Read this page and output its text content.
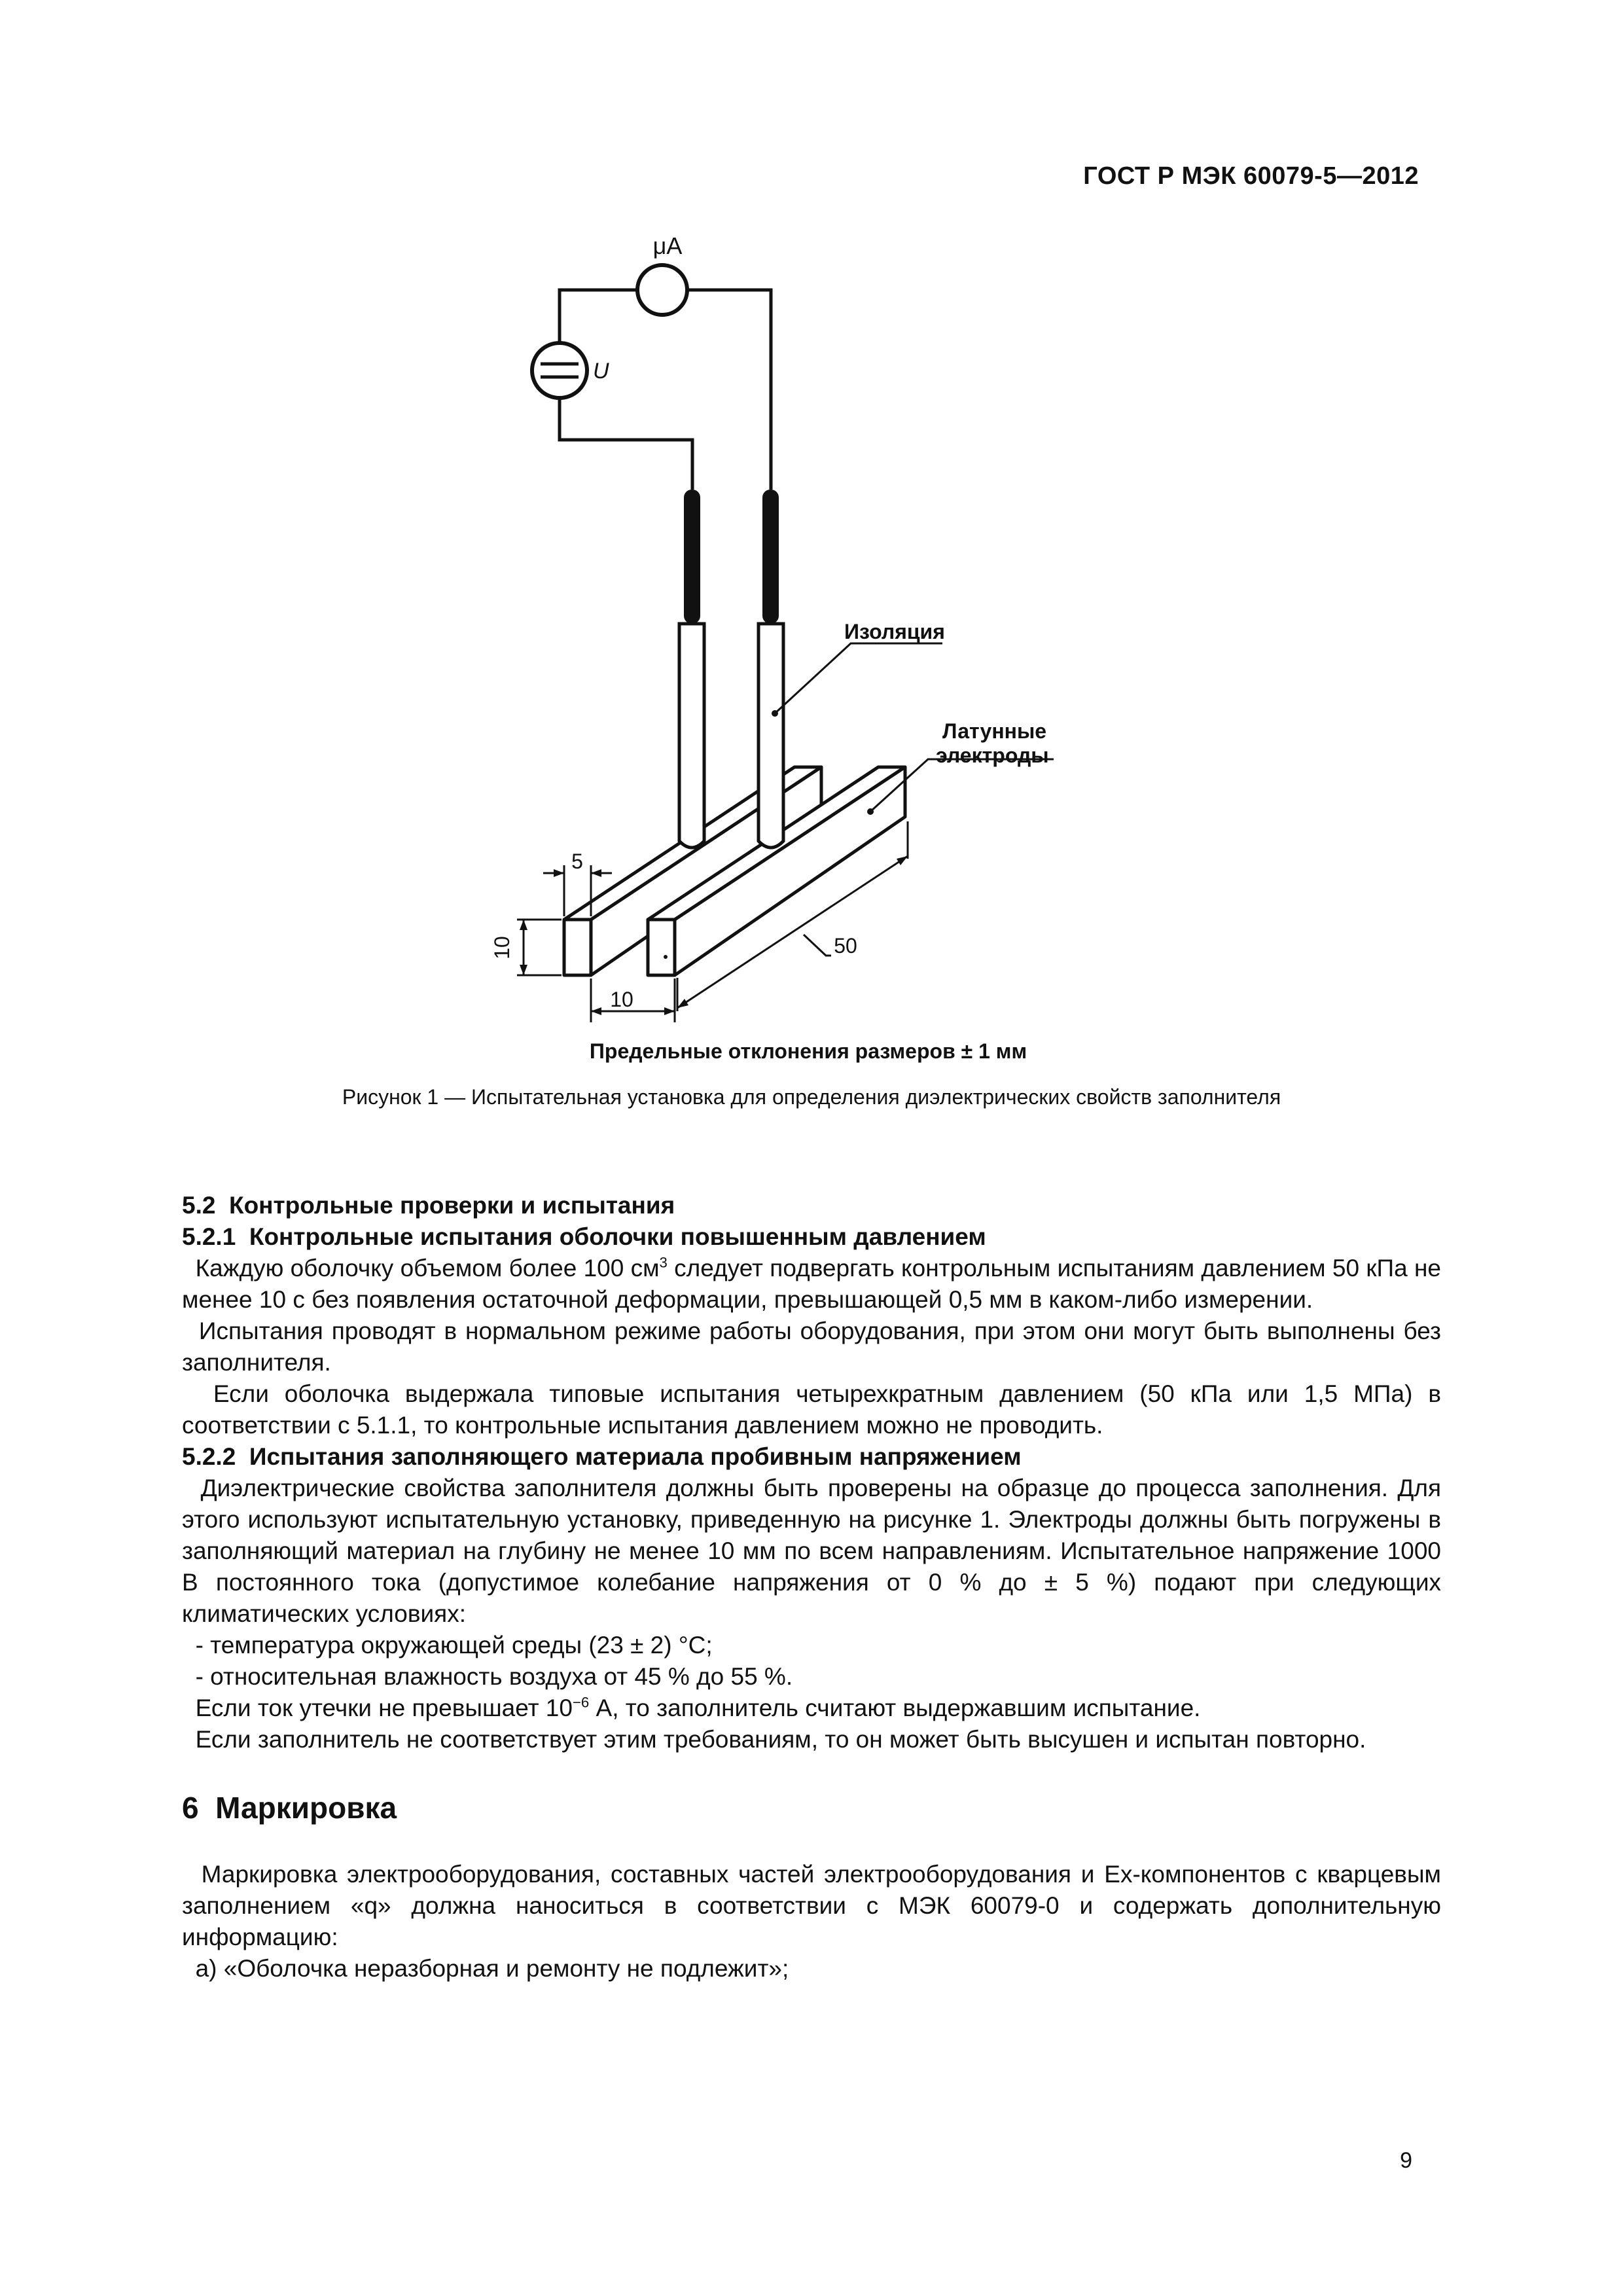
ГОСТ Р МЭК 60079-5—2012
μA
U
Изоляция
Латунные
электроды
5
10
10
50
Предельные отклонения размеров ± 1 мм
Рисунок 1 — Испытательная установка для определения диэлектрических свойств заполнителя
5.2
Контрольные проверки и испытания
5.2.1
Контрольные испытания оболочки повышенным давлением

Каждую оболочку объемом более 100 $см^3$ следует подвергать контрольным испытаниям давлением 50 кПа не менее 10 с без появления остаточной деформации, превышающей 0,5 мм в каком-либо измерении.

Испытания проводят в нормальном режиме работы оборудования, при этом они могут быть выполнены без заполнителя.

Если оболочка выдержала типовые испытания четырехкратным давлением (50 кПа или 1,5 МПа) в соответствии с 5.1.1, то контрольные испытания давлением можно не проводить.

5.2.2
Испытания заполняющего материала пробивным напряжением

Диэлектрические свойства заполнителя должны быть проверены на образце до процесса заполнения. Для этого используют испытательную установку, приведенную на рисунке 1. Электроды должны быть погружены в заполняющий материал на глубину не менее 10 мм по всем направлениям. Испытательное напряжение 1000 В постоянного тока (допустимое колебание напряжения от 0 % до ± 5 %) подают при следующих климатических условиях:

- температура окружающей среды (23 ± 2) °С;

- относительная влажность воздуха от 45 % до 55 %.

Если ток утечки не превышает $10^{-6}$ А, то заполнитель считают выдержавшим испытание.

Если заполнитель не соответствует этим требованиям, то он может быть высушен и испытан повторно.

6
Маркировка

Маркировка электрооборудования, составных частей электрооборудования и Ex-компонентов с кварцевым заполнением «q» должна наноситься в соответствии с МЭК 60079-0 и содержать дополнительную информацию:

а) «Оболочка неразборная и ремонту не подлежит»;

9
